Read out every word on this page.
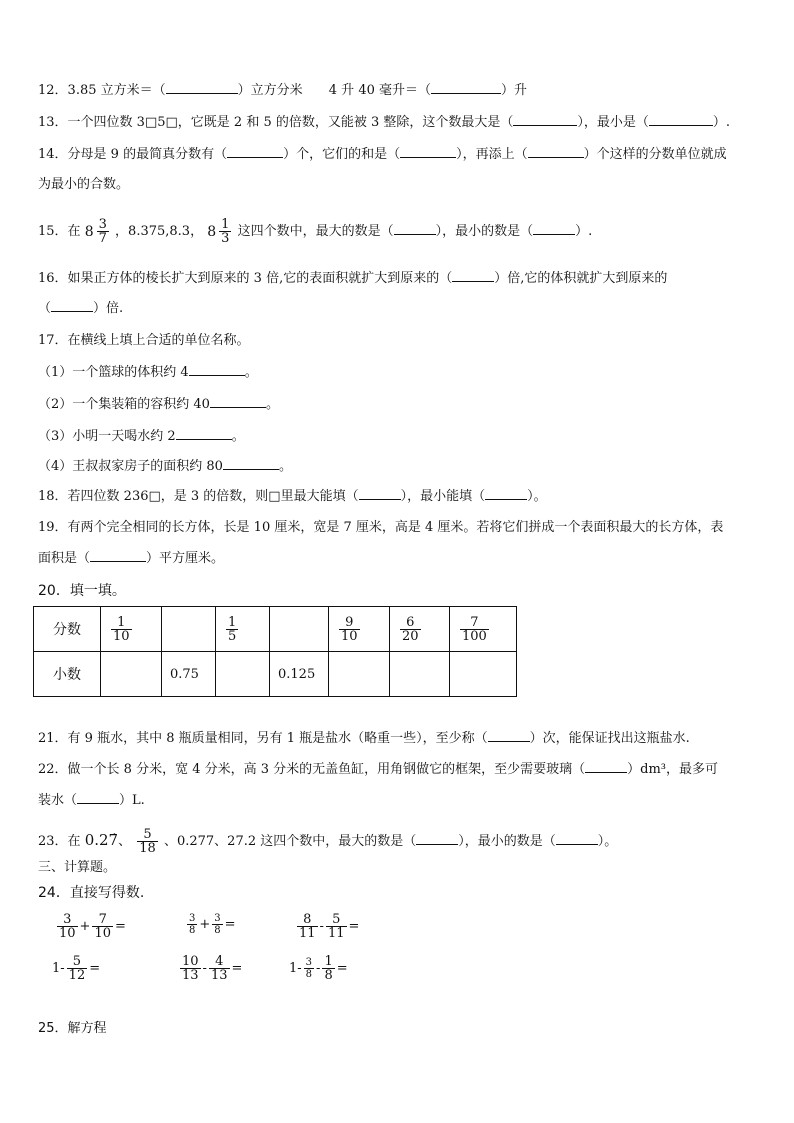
12．3.85 立方米＝（	）立方分米 4 升 40 毫升＝（	）升
13．一个四位数 3□5□，它既是 2 和 5 的倍数，又能被 3 整除，这个数最大是（	），最小是（	）.
14．分母是 9 的最简真分数有（	）个，它们的和是（	），再添上（	）个这样的分数单位就成
为最小的合数。
15．在 $8 \frac{3}{7}$ ，8.375,8.3， $8 \frac{1}{3}$ 这四个数中，最大的数是（	），最小的数是（	）.
16．如果正方体的棱长扩大到原来的 3 倍,它的表面积就扩大到原来的（	）倍,它的体积就扩大到原来的
（	）倍.
17．在横线上填上合适的单位名称。
（1）一个篮球的体积约 4	。
（2）一个集装箱的容积约 40	。
（3）小明一天喝水约 2	。
（4）王叔叔家房子的面积约 80	。
18．若四位数 236□，是 3 的倍数，则□里最大能填（	），最小能填（	）。
19．有两个完全相同的长方体，长是 10 厘米，宽是 7 厘米，高是 4 厘米。若将它们拼成一个表面积最大的长方体，表
面积是（	）平方厘米。
20．填一填。
分数	$\frac{1}{10}$		$\frac{1}{5}$		$\frac{9}{10}$	$\frac{6}{20}$	$\frac{7}{100}$

小数		0.75		0.125			
21．有 9 瓶水，其中 8 瓶质量相同，另有 1 瓶是盐水（略重一些），至少称（	）次，能保证找出这瓶盐水.
22．做一个长 8 分米，宽 4 分米，高 3 分米的无盖鱼缸，用角钢做它的框架，至少需要玻璃（	）dm³，最多可
装水（	）L.
23．在 0.27̇、 $\frac{5}{18}$ 、0.277、27.2 这四个数中，最大的数是（	），最小的数是（	）。
三、计算题。
24．直接写得数.
$\frac{3}{10} + \frac{7}{10}$ =	$\frac{3}{8} + \frac{3}{8}$ =	$\frac{8}{11} - \frac{5}{11}$ =
$1- \frac{5}{12}$ =	$\frac{10}{13} - \frac{4}{13}$ =	$1- \frac{3}{8} - \frac{1}{8}$ =
25．解方程
